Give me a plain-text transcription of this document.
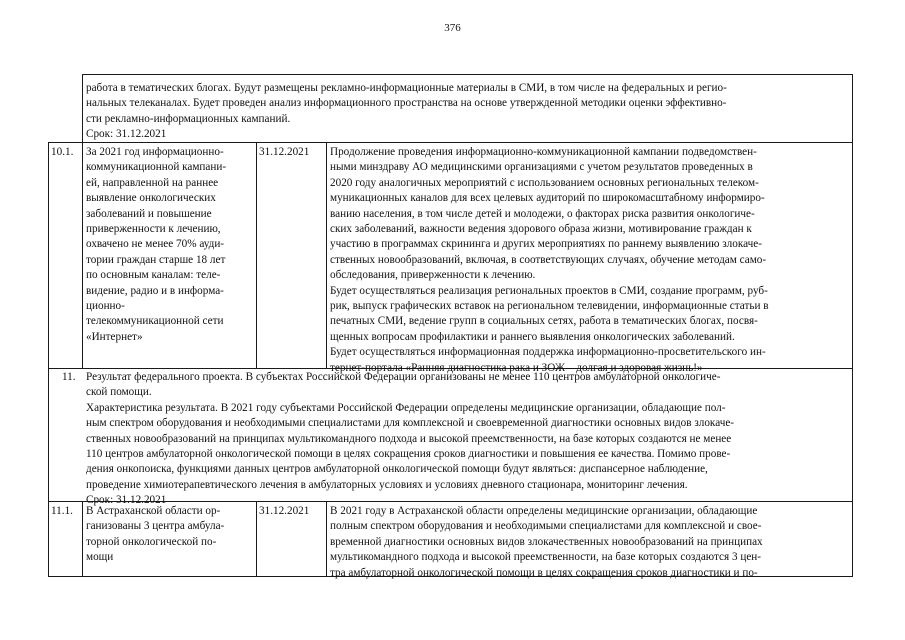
376
работа в тематических блогах. Будут размещены рекламно-информационные материалы в СМИ, в том числе на федеральных и регио-
нальных телеканалах. Будет проведен анализ информационного пространства на основе утвержденной методики оценки эффективно-
сти рекламно-информационных кампаний.
Срок: 31.12.2021
10.1. За 2021 год информационно-
коммуникационной кампани-
ей, направленной на раннее
выявление онкологических
заболеваний и повышение
приверженности к лечению,
охвачено не менее 70% ауди-
тории граждан старше 18 лет
по основным каналам: теле-
видение, радио и в информа-
ционно-
телекоммуникационной сети
«Интернет»
31.12.2021 Продолжение проведения информационно-коммуникационной кампании подведомствен-
ными минздраву АО медицинскими организациями с учетом результатов проведенных в
2020 году аналогичных мероприятий с использованием основных региональных телеком-
муникационных каналов для всех целевых аудиторий по широкомасштабному информиро-
ванию населения, в том числе детей и молодежи, о факторах риска развития онкологиче-
ских заболеваний, важности ведения здорового образа жизни, мотивирование граждан к
участию в программах скрининга и других мероприятиях по раннему выявлению злокаче-
ственных новообразований, включая, в соответствующих случаях, обучение методам само-
обследования, приверженности к лечению.
Будет осуществляться реализация региональных проектов в СМИ, создание программ, руб-
рик, выпуск графических вставок на региональном телевидении, информационные статьи в
печатных СМИ, ведение групп в социальных сетях, работа в тематических блогах, посвя-
щенных вопросам профилактики и раннего выявления онкологических заболеваний.
Будет осуществляться информационная поддержка информационно-просветительского ин-
тернет-портала «Ранняя диагностика рака и ЗОЖ – долгая и здоровая жизнь!»
11. Результат федерального проекта. В субъектах Российской Федерации организованы не менее 110 центров амбулаторной онкологиче-
ской помощи.
Характеристика результата. В 2021 году субъектами Российской Федерации определены медицинские организации, обладающие пол-
ным спектром оборудования и необходимыми специалистами для комплексной и своевременной диагностики основных видов злокаче-
ственных новообразований на принципах мультикомандного подхода и высокой преемственности, на базе которых создаются не менее
110 центров амбулаторной онкологической помощи в целях сокращения сроков диагностики и повышения ее качества. Помимо прове-
дения онкопоиска, функциями данных центров амбулаторной онкологической помощи будут являться: диспансерное наблюдение,
проведение химиотерапевтического лечения в амбулаторных условиях и условиях дневного стационара, мониторинг лечения.
Срок: 31.12.2021
11.1. В Астраханской области ор-
ганизованы 3 центра амбула-
торной онкологической по-
мощи
31.12.2021 В 2021 году в Астраханской области определены медицинские организации, обладающие
полным спектром оборудования и необходимыми специалистами для комплексной и свое-
временной диагностики основных видов злокачественных новообразований на принципах
мультикомандного подхода и высокой преемственности, на базе которых создаются 3 цен-
тра амбулаторной онкологической помощи в целях сокращения сроков диагностики и по-
